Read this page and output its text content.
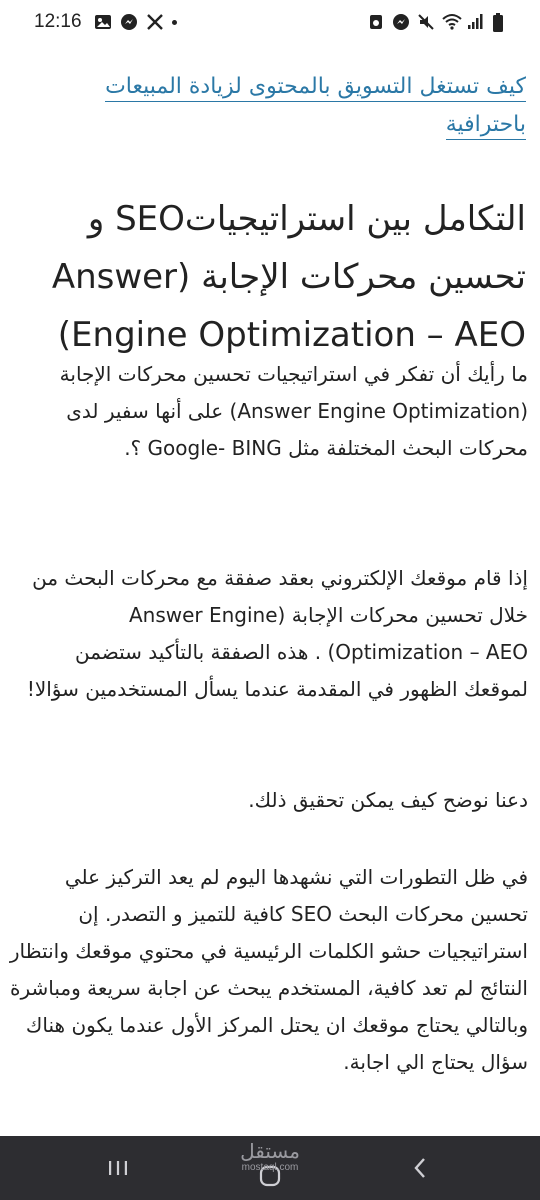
12:16
كيف تستغل التسويق بالمحتوى لزيادة المبيعات باحترافية
التكامل بين استراتيجياتSEO و تحسين محركات الإجابة (Answer Engine Optimization – AEO)

ما رأيك أن تفكر في استراتيجيات تحسين محركات الإجابة (Answer Engine Optimization) على أنها سفير لدى محركات البحث المختلفة مثل Google- BING ؟.

إذا قام موقعك الإلكتروني بعقد صفقة مع محركات البحث من خلال تحسين محركات الإجابة (Answer Engine Optimization – AEO) . هذه الصفقة بالتأكيد ستضمن لموقعك الظهور في المقدمة عندما يسأل المستخدمين سؤالا!

دعنا نوضح كيف يمكن تحقيق ذلك.

في ظل التطورات التي نشهدها اليوم لم يعد التركيز علي تحسين محركات البحث SEO كافية للتميز و التصدر. إن استراتيجيات حشو الكلمات الرئيسية في محتوي موقعك وانتظار النتائج لم تعد كافية، المستخدم يبحث عن اجابة سريعة ومباشرة وبالتالي يحتاج موقعك ان يحتل المركز الأول عندما يكون هناك سؤال يحتاج الي اجابة.

مستقل
mostaql.com
